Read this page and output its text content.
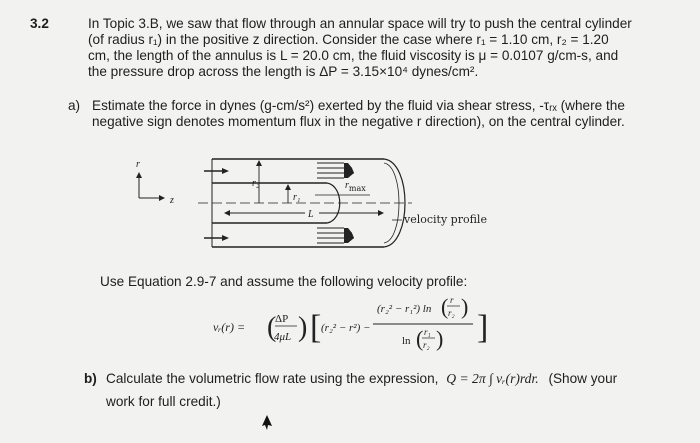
3.2	In Topic 3.B, we saw that flow through an annular space will try to push the central cylinder
(of radius r₁) in the positive z direction. Consider the case where r₁ = 1.10 cm, r₂ = 1.20
cm, the length of the annulus is L = 20.0 cm, the fluid viscosity is μ = 0.0107 g/cm-s, and
the pressure drop across the length is ΔP = 3.15×10⁴ dynes/cm².
a) Estimate the force in dynes (g-cm/s²) exerted by the fluid via shear stress, -τᵣₓ (where the
negative sign denotes momentum flux in the negative r direction), on the central cylinder.
r
z
r₂
r₁
$r_{max}$
L	velocity profile
Use Equation 2.9-7 and assume the following velocity profile:
vᵣ(r) = (
ΔP
4μL ) [ (r₂² − r²) −
(r₂² − r₁²) ln ( r
r₂ )
ln ( r₁
r₂ ) ]
b) Calculate the volumetric flow rate using the expression, Q = 2π ∫ vᵣ(r)rdr. (Show your
work for full credit.)
